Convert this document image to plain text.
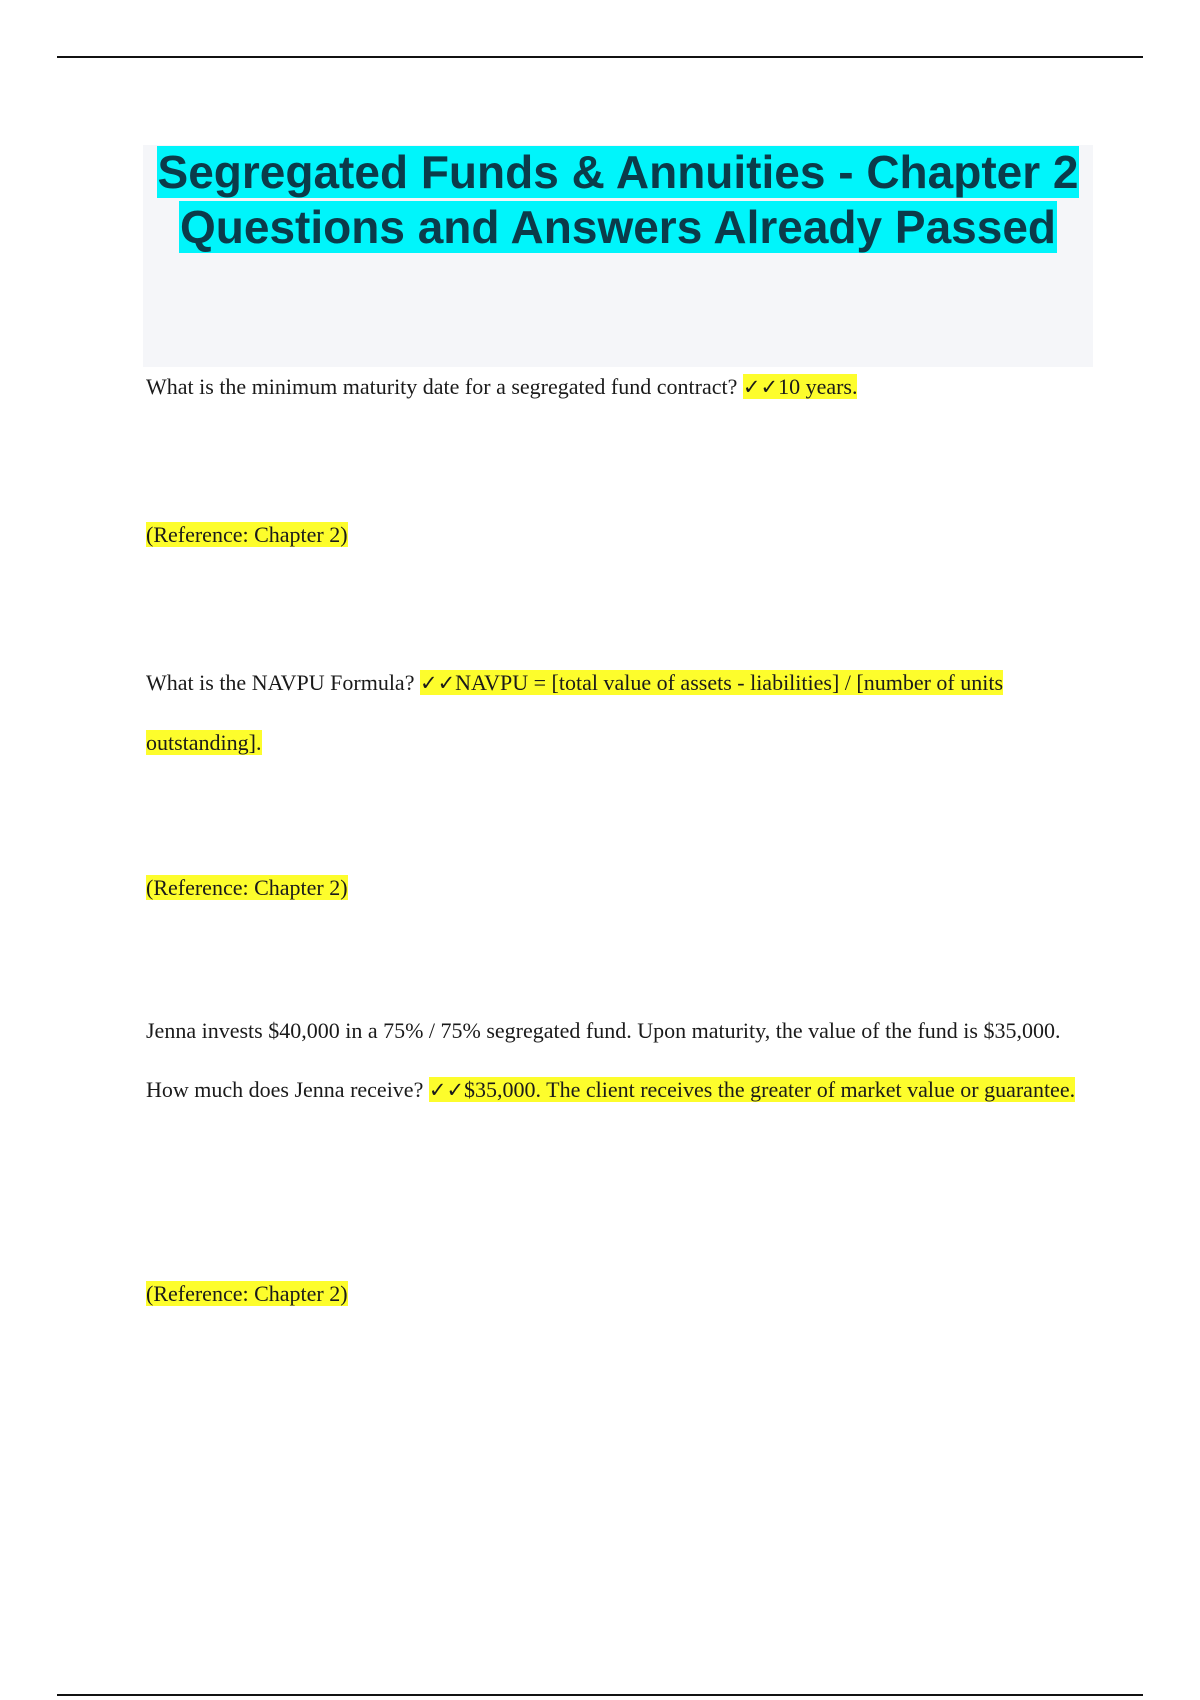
Segregated Funds & Annuities - Chapter 2 Questions and Answers Already Passed

What is the minimum maturity date for a segregated fund contract? ✓✓10 years.

(Reference: Chapter 2)

What is the NAVPU Formula? ✓✓NAVPU = [total value of assets - liabilities] / [number of units outstanding].

(Reference: Chapter 2)

Jenna invests $40,000 in a 75% / 75% segregated fund. Upon maturity, the value of the fund is $35,000. How much does Jenna receive? ✓✓$35,000. The client receives the greater of market value or guarantee.

(Reference: Chapter 2)
